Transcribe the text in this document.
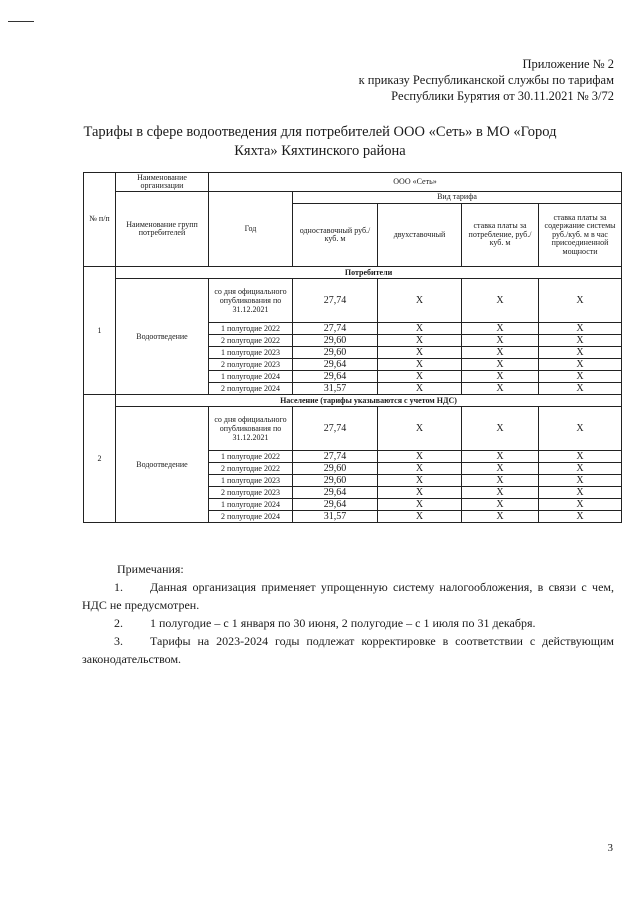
Приложение № 2
к приказу Республиканской службы по тарифам
Республики Бурятия от 30.11.2021 № 3/72
Тарифы в сфере водоотведения для потребителей ООО «Сеть» в МО «Город
Кяхта» Кяхтинского района
№ п/п	Наименование организации	ООО «Сеть»				
	Наименование групп потребителей	Год	Вид тарифа			
			одноставочный руб./ куб. м	двухставочный	ставка платы за потребление, руб./ куб. м	ставка платы за содержание системы руб./куб. м в час присоединенной мощности
1	Потребители					
	Водоотведение	со дня официального опубликования по 31.12.2021	27,74	X	X	X
		1 полугодие 2022	27,74	X	X	X
		2 полугодие 2022	29,60	X	X	X
		1 полугодие 2023	29,60	X	X	X
		2 полугодие 2023	29,64	X	X	X
		1 полугодие 2024	29,64	X	X	X
		2 полугодие 2024	31,57	X	X	X
2	Население (тарифы указываются с учетом НДС)					
	Водоотведение	со дня официального опубликования по 31.12.2021	27,74	X	X	X
		1 полугодие 2022	27,74	X	X	X
		2 полугодие 2022	29,60	X	X	X
		1 полугодие 2023	29,60	X	X	X
		2 полугодие 2023	29,64	X	X	X
		1 полугодие 2024	29,64	X	X	X
		2 полугодие 2024	31,57	X	X	X
Примечания:
1. Данная организация применяет упрощенную систему налогообложения, в связи с чем, НДС не предусмотрен.
2. 1 полугодие – с 1 января по 30 июня, 2 полугодие – с 1 июля по 31 декабря.
3. Тарифы на 2023-2024 годы подлежат корректировке в соответствии с действующим законодательством.
3
